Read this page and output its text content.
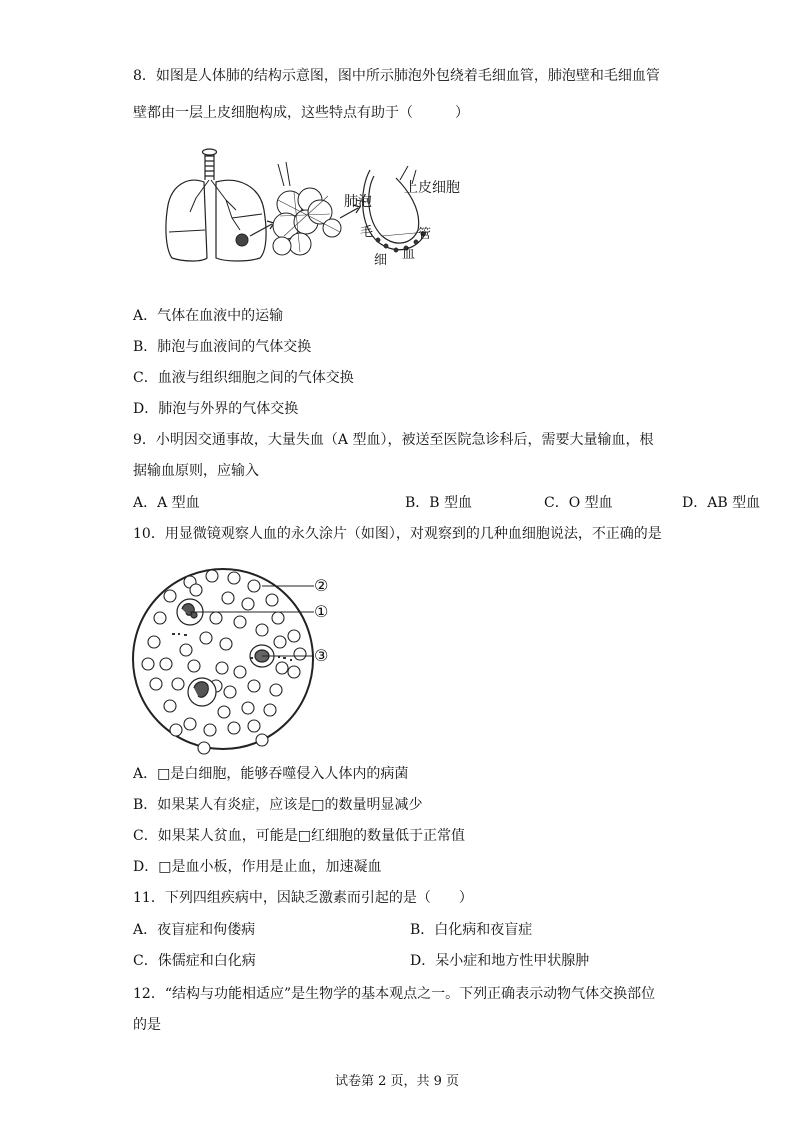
8．如图是人体肺的结构示意图，图中所示肺泡外包绕着毛细血管，肺泡壁和毛细血管
壁都由一层上皮细胞构成，这些特点有助于（　　　）
上皮细胞
肺泡
毛
细 血
管
A．气体在血液中的运输
B．肺泡与血液间的气体交换
C．血液与组织细胞之间的气体交换
D．肺泡与外界的气体交换
9．小明因交通事故，大量失血（A 型血），被送至医院急诊科后，需要大量输血，根
据输血原则，应输入
A．A 型血	B．B 型血	C．O 型血	D．AB 型血
10．用显微镜观察人血的永久涂片（如图），对观察到的几种血细胞说法，不正确的是
②
①
③
A．□是白细胞，能够吞噬侵入人体内的病菌
B．如果某人有炎症，应该是□的数量明显减少
C．如果某人贫血，可能是□红细胞的数量低于正常值
D．□是血小板，作用是止血，加速凝血
11．下列四组疾病中，因缺乏激素而引起的是（　　）
A．夜盲症和佝偻病	B．白化病和夜盲症
C．侏儒症和白化病	D．呆小症和地方性甲状腺肿
12．“结构与功能相适应”是生物学的基本观点之一。下列正确表示动物气体交换部位
的是
试卷第 2 页，共 9 页
